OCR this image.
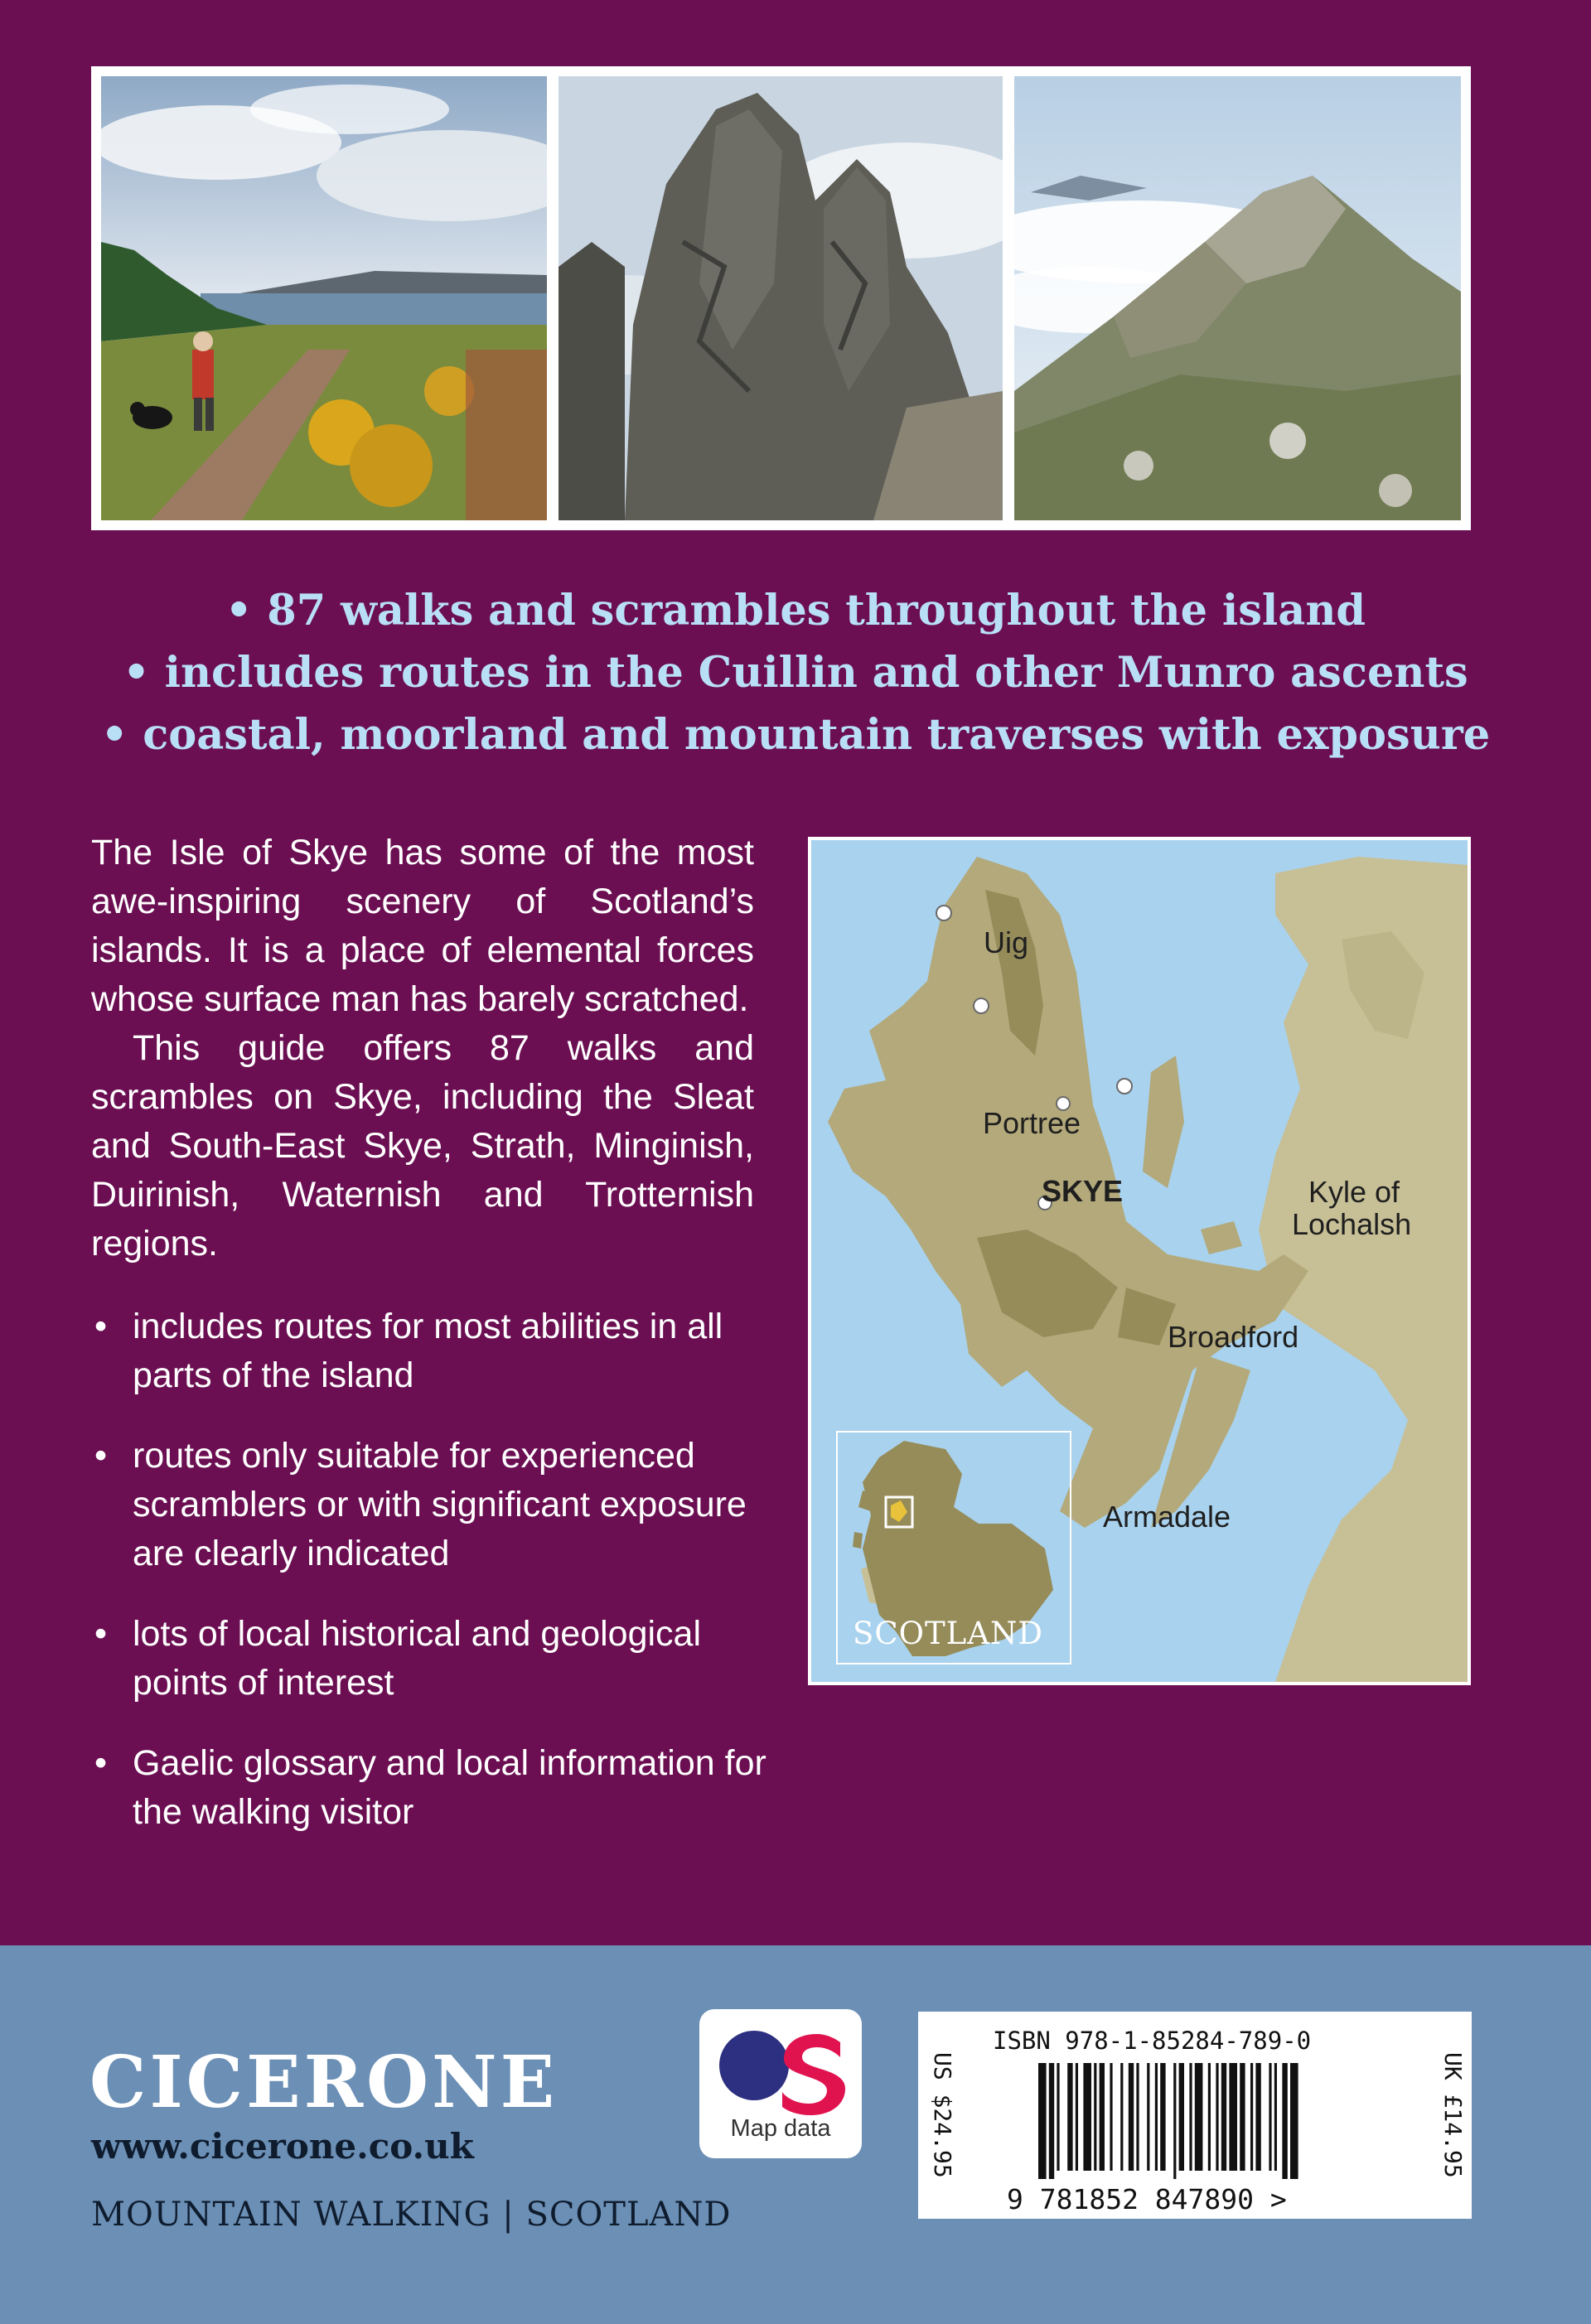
• 87 walks and scrambles throughout the island
• includes routes in the Cuillin and other Munro ascents
• coastal, moorland and mountain traverses with exposure

The Isle of Skye has some of the most awe-inspiring scenery of Scotland’s islands. It is a place of elemental forces whose surface man has barely scratched.

This guide offers 87 walks and scrambles on Skye, including the Sleat and South-East Skye, Strath, Minginish, Duirinish, Waternish and Trotternish regions.

• includes routes for most abilities in all parts of the island
• routes only suitable for experienced scramblers or with significant exposure are clearly indicated
• lots of local historical and geological points of interest
• Gaelic glossary and local information for the walking visitor
Uig
Portree
SKYE	Kyle of
Lochalsh
Broadford
Armadale
SCOTLAND
CICERONE
www.cicerone.co.uk
MOUNTAIN WALKING | SCOTLAND
Map data	US $24.95
ISBN 978-1-85284-789-0
9 781852 847890 >
UK £14.95
